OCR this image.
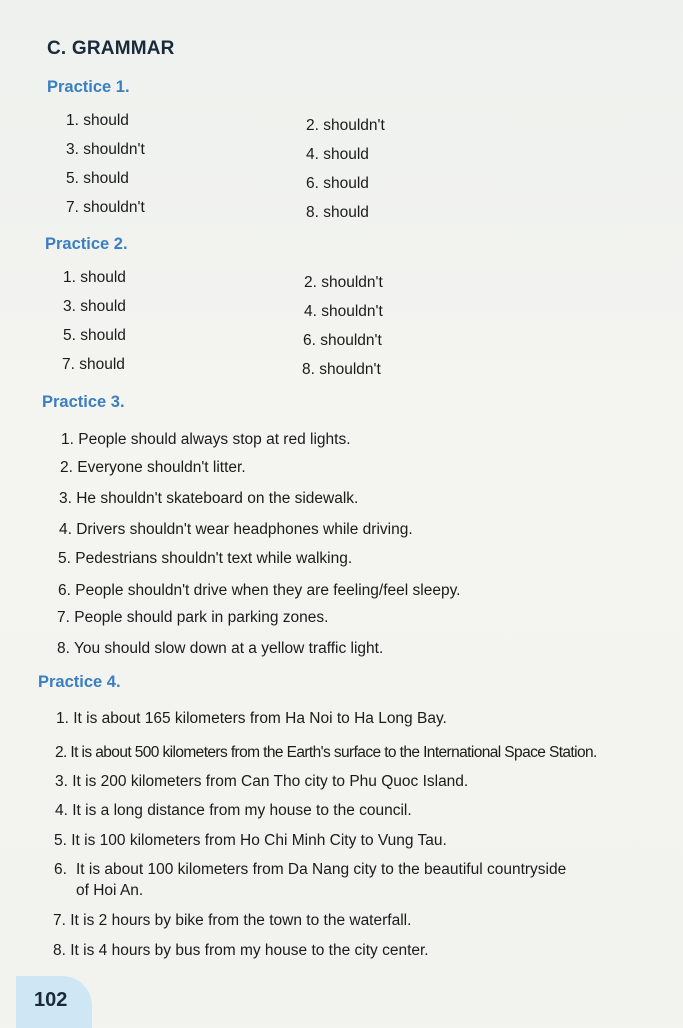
C. GRAMMAR
Practice 1.
1. should	2. shouldn't
3. shouldn't	4. should
5. should	6. should
7. shouldn't	8. should
Practice 2.
1. should	2. shouldn't
3. should	4. shouldn't
5. should	6. shouldn't
7. should	8. shouldn't
Practice 3.
1. People should always stop at red lights.
2. Everyone shouldn't litter.
3. He shouldn't skateboard on the sidewalk.
4. Drivers shouldn't wear headphones while driving.
5. Pedestrians shouldn't text while walking.
6. People shouldn't drive when they are feeling/feel sleepy.
7. People should park in parking zones.
8. You should slow down at a yellow traffic light.
Practice 4.
1. It is about 165 kilometers from Ha Noi to Ha Long Bay.
2. It is about 500 kilometers from the Earth's surface to the International Space Station.
3. It is 200 kilometers from Can Tho city to Phu Quoc Island.
4. It is a long distance from my house to the council.
5. It is 100 kilometers from Ho Chi Minh City to Vung Tau.
6. It is about 100 kilometers from Da Nang city to the beautiful countryside
of Hoi An.
7. It is 2 hours by bike from the town to the waterfall.
8. It is 4 hours by bus from my house to the city center.
102
